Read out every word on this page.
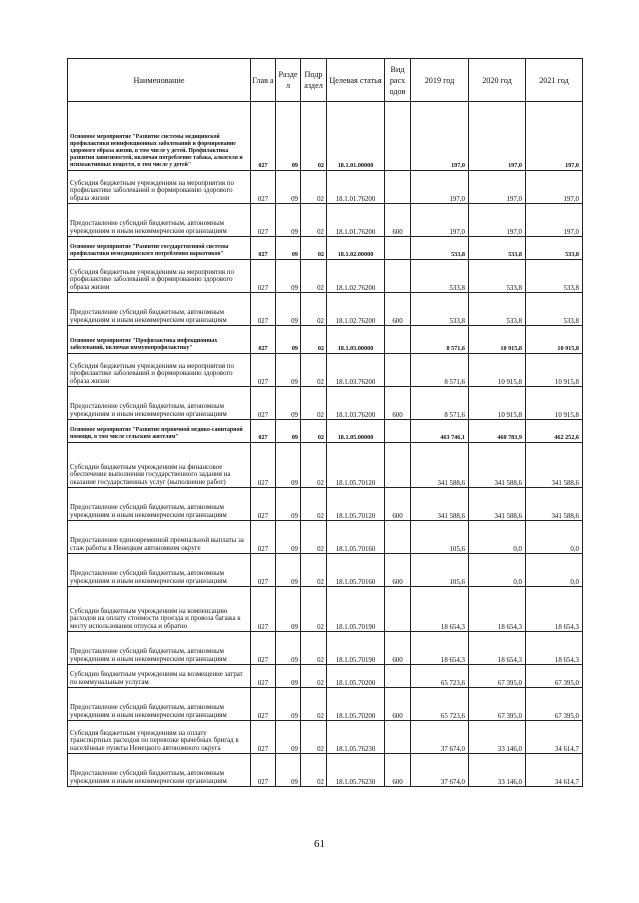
Наименование	Глав а	Разде л	Подр аздел	Целевая статья	Вид расх одов	2019 год	2020 год	2021 год
Основное мероприятие "Развитие системы медицинской профилактики неинфекционных заболеваний и формирование здорового образа жизни, в том числе у детей. Профилактика развития зависимостей, включая потребление табака, алкоголя и психоактивных веществ, в том числе у детей"	027	09	02	18.1.01.00000		197,0	197,0	197,0
Субсидия бюджетным учреждениям на мероприятия по профилактике заболеваний и формированию здорового образа жизни	027	09	02	18.1.01.76200		197,0	197,0	197,0
Предоставление субсидий бюджетным, автономным учреждениям и иным некоммерческим организациям	027	09	02	18.1.01.76200	600	197,0	197,0	197,0
Основное мероприятие "Развитие государственной системы профилактики немедицинского потребления наркотиков"	027	09	02	18.1.02.00000		533,8	533,8	533,8
Субсидия бюджетным учреждениям на мероприятия по профилактике заболеваний и формированию здорового образа жизни	027	09	02	18.1.02.76200		533,8	533,8	533,8
Предоставление субсидий бюджетным, автономным учреждениям и иным некоммерческим организациям	027	09	02	18.1.02.76200	600	533,8	533,8	533,8
Основное мероприятие "Профилактика инфекционных заболеваний, включая иммунопрофилактику"	027	09	02	18.1.03.00000		8 571,6	10 915,8	10 915,8
Субсидия бюджетным учреждениям на мероприятия по профилактике заболеваний и формированию здорового образа жизни	027	09	02	18.1.03.76200		8 571,6	10 915,8	10 915,8
Предоставление субсидий бюджетным, автономным учреждениям и иным некоммерческим организациям	027	09	02	18.1.03.76200	600	8 571,6	10 915,8	10 915,8
Основное мероприятие "Развитие первичной медико-санитарной помощи, в том числе сельским жителям"	027	09	02	18.1.05.00000		463 746,1	460 783,9	462 252,6
Субсидии бюджетным учреждениям на финансовое обеспечение выполнения государственного задания на оказание государственных услуг (выполнение работ)	027	09	02	18.1.05.70120		341 588,6	341 588,6	341 588,6
Предоставление субсидий бюджетным, автономным учреждениям и иным некоммерческим организациям	027	09	02	18.1.05.70120	600	341 588,6	341 588,6	341 588,6
Предоставление единовременной премиальной выплаты за стаж работы в Ненецком автономном округе	027	09	02	18.1.05.70160		105,6	0,0	0,0
Предоставление субсидий бюджетным, автономным учреждениям и иным некоммерческим организациям	027	09	02	18.1.05.70160	600	105,6	0,0	0,0
Субсидии бюджетным учреждениям на компенсацию расходов на оплату стоимости проезда и провоза багажа к месту использования отпуска и обратно	027	09	02	18.1.05.70190		18 654,3	18 654,3	18 654,3
Предоставление субсидий бюджетным, автономным учреждениям и иным некоммерческим организациям	027	09	02	18.1.05.70190	600	18 654,3	18 654,3	18 654,3
Субсидии бюджетным учреждениям на возмещение затрат по коммунальным услугам	027	09	02	18.1.05.70200		65 723,6	67 395,0	67 395,0
Предоставление субсидий бюджетным, автономным учреждениям и иным некоммерческим организациям	027	09	02	18.1.05.70200	600	65 723,6	67 395,0	67 395,0
Субсидия бюджетным учреждениям на оплату транспортных расходов по перевозке врачебных бригад в населённые пункты Ненецкого автономного округа	027	09	02	18.1.05.76230		37 674,0	33 146,0	34 614,7
Предоставление субсидий бюджетным, автономным учреждениям и иным некоммерческим организациям	027	09	02	18.1.05.76230	600	37 674,0	33 146,0	34 614,7
61
